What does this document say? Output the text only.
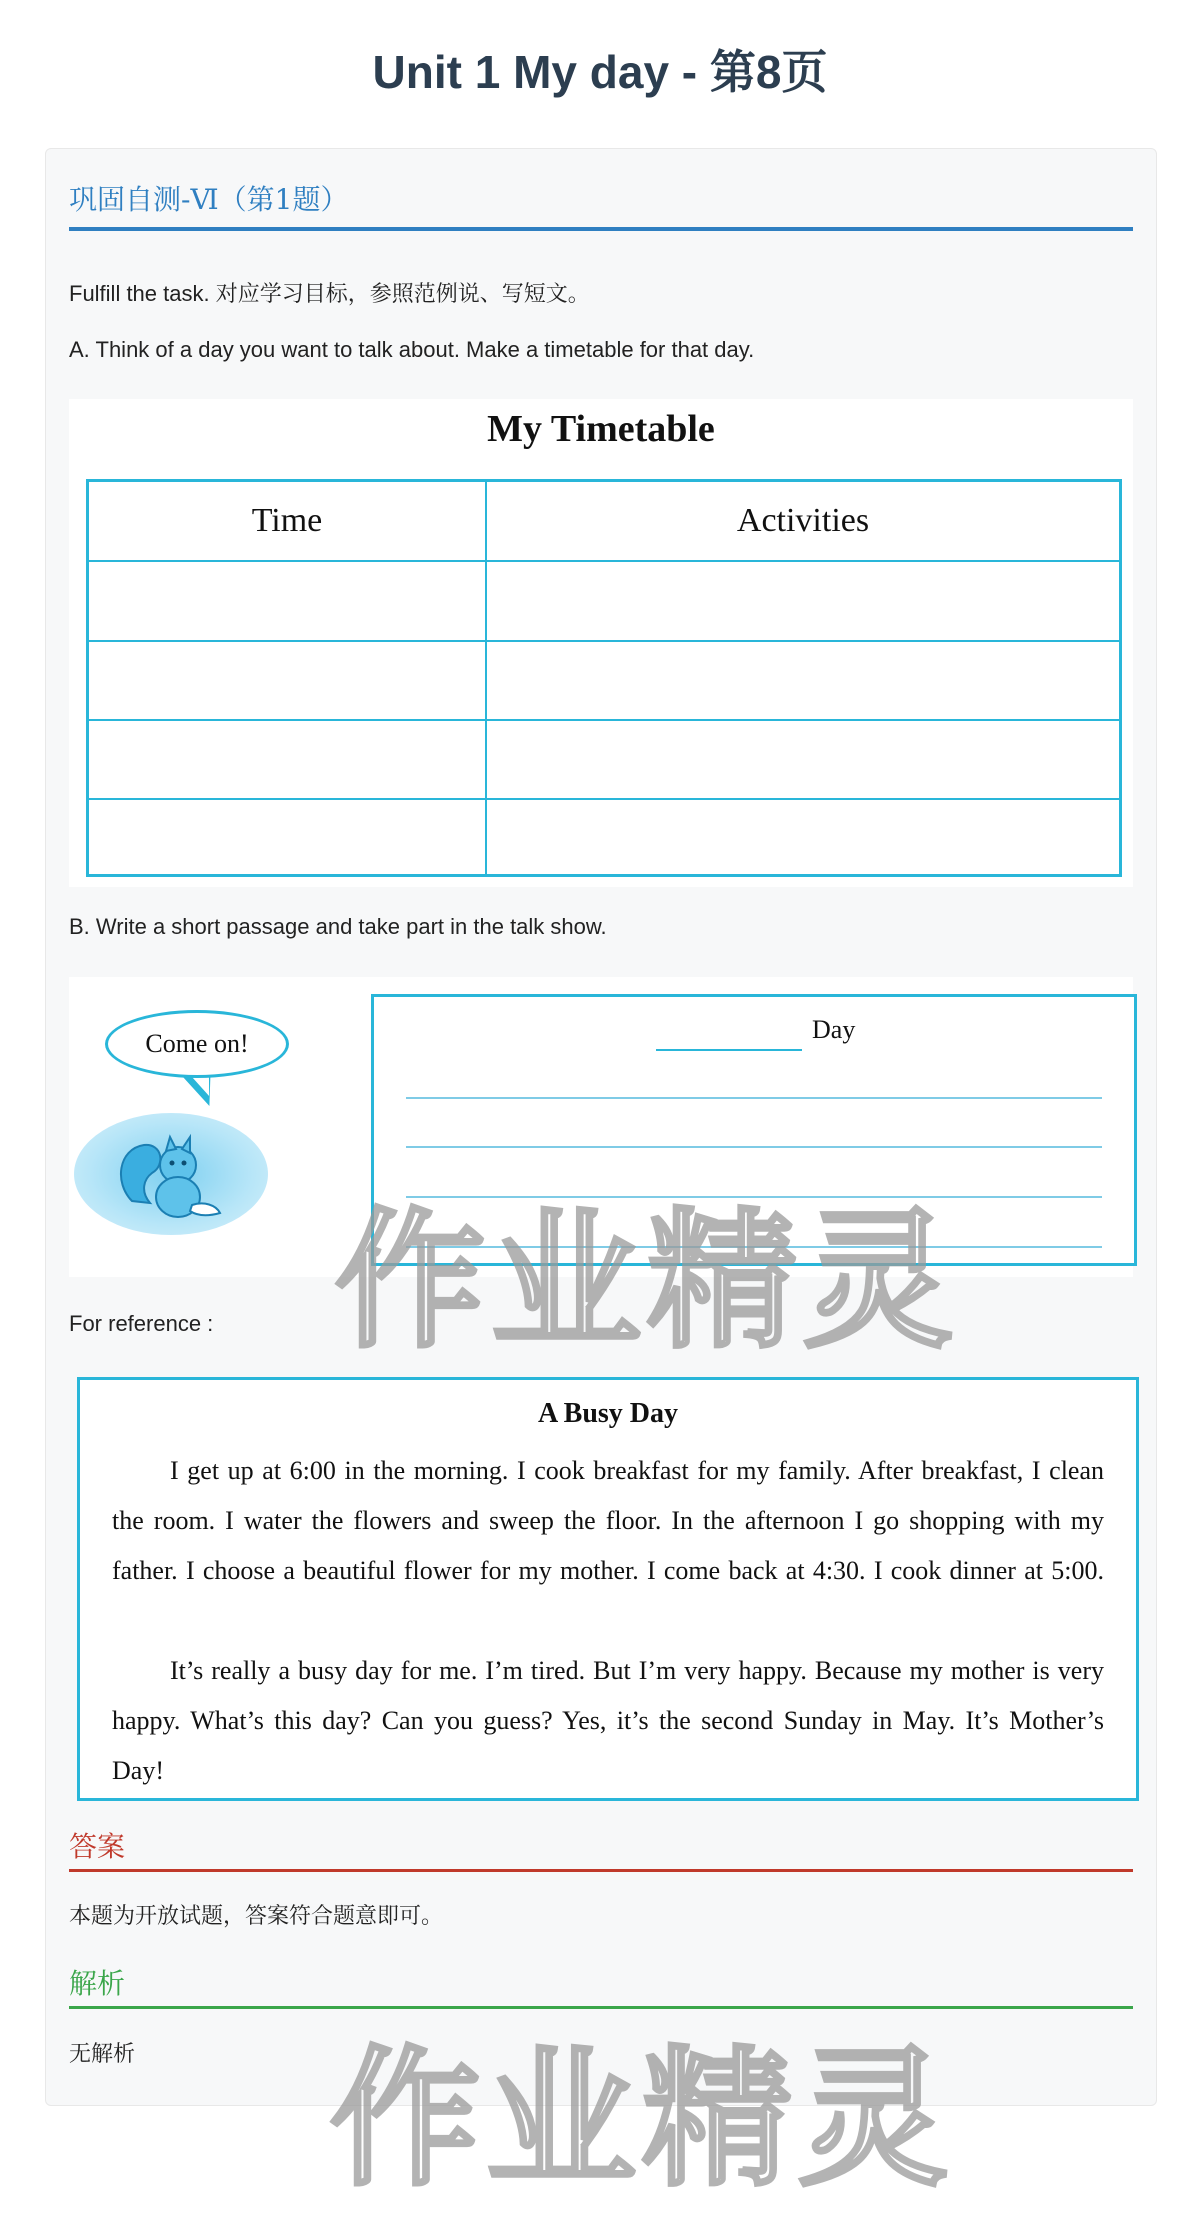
Unit 1 My day - 第8页
巩固自测-Ⅵ（第1题）
Fulfill the task. 对应学习目标，参照范例说、写短文。
A. Think of a day you want to talk about. Make a timetable for that day.
My Timetable
Time	Activities
B. Write a short passage and take part in the talk show.
Come on!	Day
For reference :
A Busy Day
I get up at 6:00 in the morning. I cook breakfast for my family. After breakfast, I clean the room. I water the flowers and sweep the floor. In the afternoon I go shopping with my father. I choose a beautiful flower for my mother. I come back at 4:30. I cook dinner at 5:00.
It’s really a busy day for me. I’m tired. But I’m very happy. Because my mother is very happy. What’s this day? Can you guess? Yes, it’s the second Sunday in May. It’s Mother’s Day!
答案
本题为开放试题，答案符合题意即可。
解析
无解析
作业精灵
作业精灵
